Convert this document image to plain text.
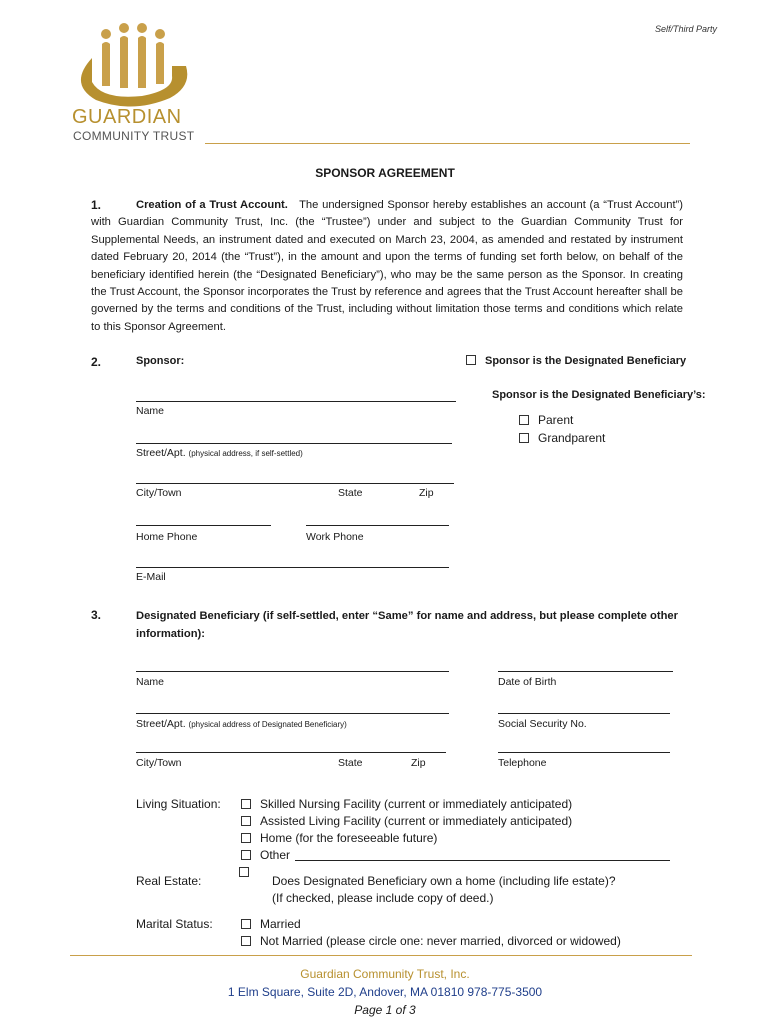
Self/Third Party
GUARDIAN
COMMUNITY TRUST
SPONSOR AGREEMENT
1.	Creation of a Trust Account. The undersigned Sponsor hereby establishes an account (a “Trust Account”) with Guardian Community Trust, Inc. (the “Trustee”) under and subject to the Guardian Community Trust for Supplemental Needs, an instrument dated and executed on March 23, 2004, as amended and restated by instrument dated February 20, 2014 (the “Trust”), in the amount and upon the terms of funding set forth below, on behalf of the beneficiary identified herein (the “Designated Beneficiary”), who may be the same person as the Sponsor. In creating the Trust Account, the Sponsor incorporates the Trust by reference and agrees that the Trust Account hereafter shall be governed by the terms and conditions of the Trust, including without limitation those terms and conditions which relate to this Sponsor Agreement.
2.	Sponsor:	Sponsor is the Designated Beneficiary
Sponsor is the Designated Beneficiary’s:
Parent
Grandparent
Name
Street/Apt. (physical address, if self-settled)
City/Town	State	Zip
Home Phone	Work Phone
E-Mail
3.	Designated Beneficiary (if self-settled, enter “Same” for name and address, but please complete other information):
Name	Date of Birth
Street/Apt. (physical address of Designated Beneficiary)	Social Security No.
City/Town	State	Zip	Telephone
Living Situation:	Skilled Nursing Facility (current or immediately anticipated)
Assisted Living Facility (current or immediately anticipated)
Home (for the foreseeable future)
Other
Real Estate:	Does Designated Beneficiary own a home (including life estate)?
(If checked, please include copy of deed.)
Marital Status:	Married
Not Married (please circle one: never married, divorced or widowed)
Guardian Community Trust, Inc.
1 Elm Square, Suite 2D, Andover, MA 01810 978-775-3500
Page 1 of 3
